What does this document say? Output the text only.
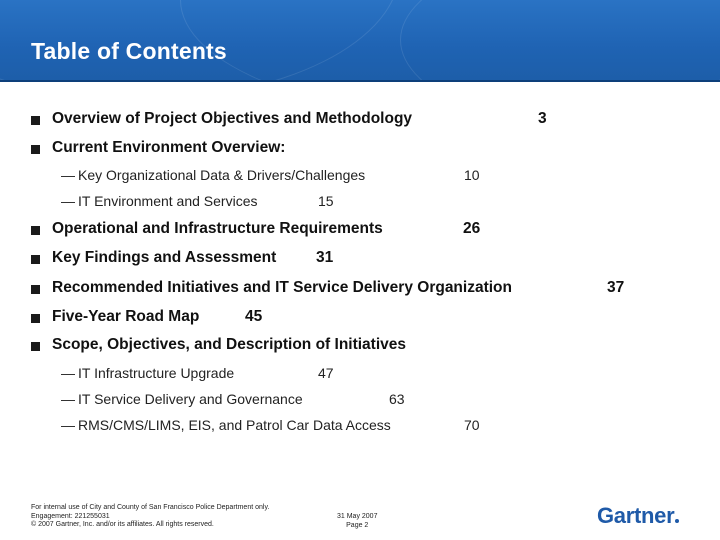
Table of Contents
Overview of Project Objectives and Methodology	3
Current Environment Overview:
— Key Organizational Data & Drivers/Challenges	10
— IT Environment and Services	15
Operational and Infrastructure Requirements	26
Key Findings and Assessment	31
Recommended Initiatives and IT Service Delivery Organization	37
Five-Year Road Map	45
Scope, Objectives, and Description of Initiatives
— IT Infrastructure Upgrade	47
— IT Service Delivery and Governance	63
— RMS/CMS/LIMS, EIS, and Patrol Car Data Access	70
For internal use of City and County of San Francisco Police Department only.
Engagement: 221255031
© 2007 Gartner, Inc. and/or its affiliates. All rights reserved.
31 May 2007
Page 2	Gartner
